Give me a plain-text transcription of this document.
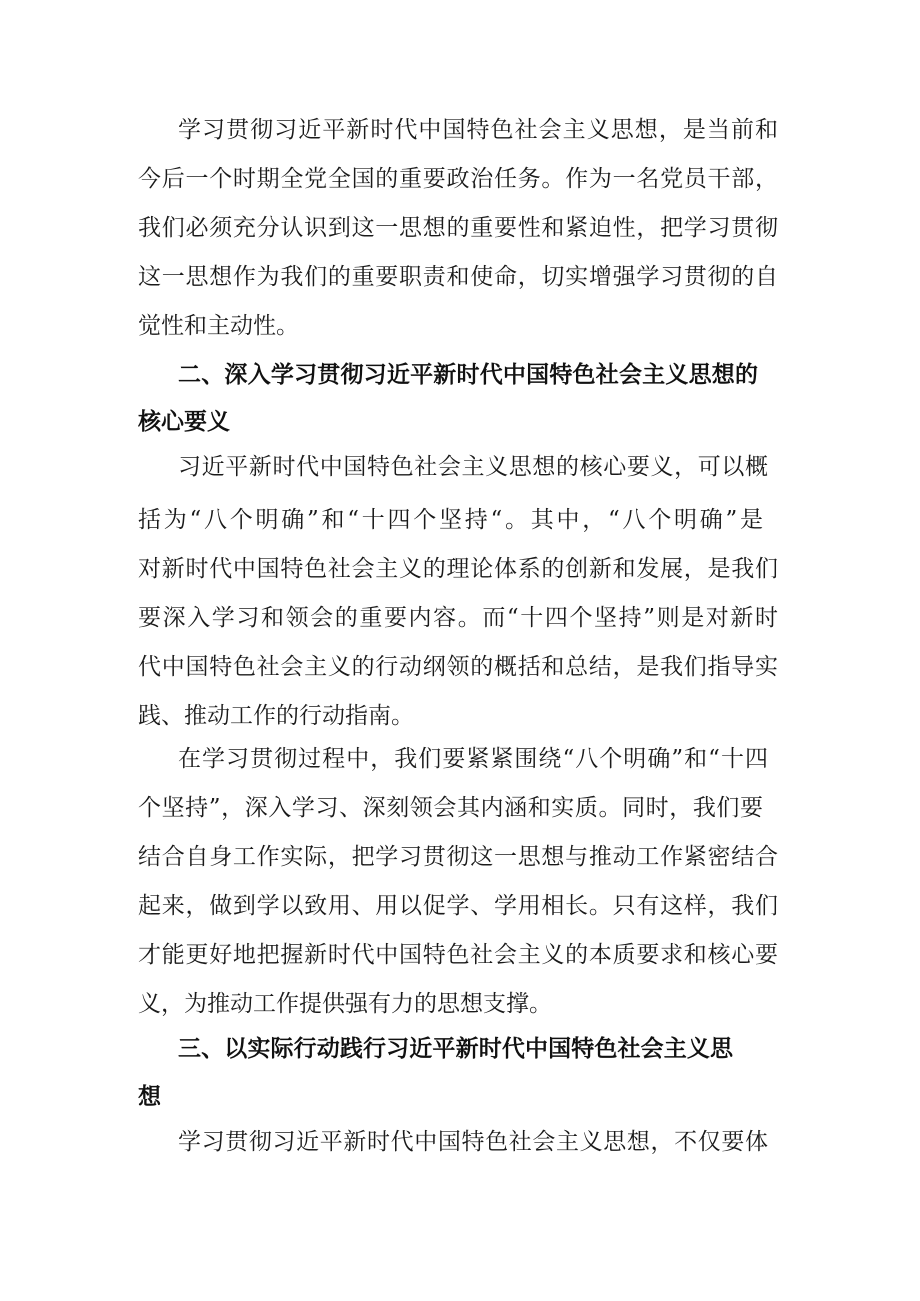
学习贯彻习近平新时代中国特色社会主义思想，是当前和
今后一个时期全党全国的重要政治任务。作为一名党员干部，
我们必须充分认识到这一思想的重要性和紧迫性，把学习贯彻
这一思想作为我们的重要职责和使命，切实增强学习贯彻的自
觉性和主动性。
二、深入学习贯彻习近平新时代中国特色社会主义思想的
核心要义
习近平新时代中国特色社会主义思想的核心要义，可以概
括为“八个明确”和“十四个坚持“。其中，“八个明确”是
对新时代中国特色社会主义的理论体系的创新和发展，是我们
要深入学习和领会的重要内容。而“十四个坚持”则是对新时
代中国特色社会主义的行动纲领的概括和总结，是我们指导实
践、推动工作的行动指南。
在学习贯彻过程中，我们要紧紧围绕“八个明确”和“十四
个坚持”，深入学习、深刻领会其内涵和实质。同时，我们要
结合自身工作实际，把学习贯彻这一思想与推动工作紧密结合
起来，做到学以致用、用以促学、学用相长。只有这样，我们
才能更好地把握新时代中国特色社会主义的本质要求和核心要
义，为推动工作提供强有力的思想支撑。
三、以实际行动践行习近平新时代中国特色社会主义思
想
学习贯彻习近平新时代中国特色社会主义思想，不仅要体
